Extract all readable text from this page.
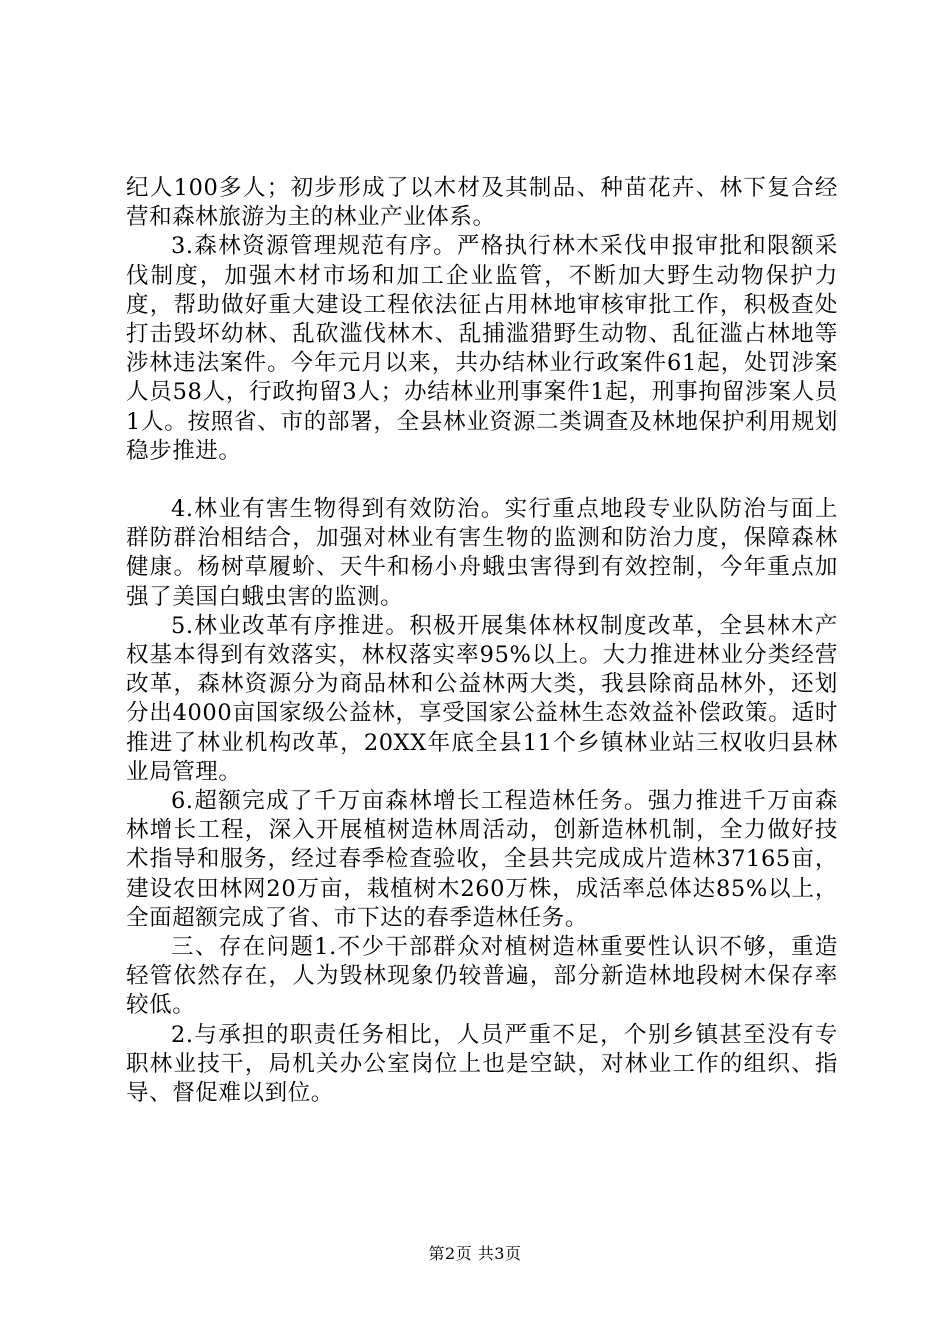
纪人100多人；初步形成了以木材及其制品、种苗花卉、林下复合经营和森林旅游为主的林业产业体系。

3.森林资源管理规范有序。严格执行林木采伐申报审批和限额采伐制度，加强木材市场和加工企业监管，不断加大野生动物保护力度，帮助做好重大建设工程依法征占用林地审核审批工作，积极查处打击毁坏幼林、乱砍滥伐林木、乱捕滥猎野生动物、乱征滥占林地等涉林违法案件。今年元月以来，共办结林业行政案件61起，处罚涉案人员58人，行政拘留3人；办结林业刑事案件1起，刑事拘留涉案人员1人。按照省、市的部署，全县林业资源二类调查及林地保护利用规划稳步推进。

4.林业有害生物得到有效防治。实行重点地段专业队防治与面上群防群治相结合，加强对林业有害生物的监测和防治力度，保障森林健康。杨树草履蚧、天牛和杨小舟蛾虫害得到有效控制，今年重点加强了美国白蛾虫害的监测。

5.林业改革有序推进。积极开展集体林权制度改革，全县林木产权基本得到有效落实，林权落实率95%以上。大力推进林业分类经营改革，森林资源分为商品林和公益林两大类，我县除商品林外，还划分出4000亩国家级公益林，享受国家公益林生态效益补偿政策。适时推进了林业机构改革，20XX年底全县11个乡镇林业站三权收归县林业局管理。

6.超额完成了千万亩森林增长工程造林任务。强力推进千万亩森林增长工程，深入开展植树造林周活动，创新造林机制，全力做好技术指导和服务，经过春季检查验收，全县共完成成片造林37165亩，建设农田林网20万亩，栽植树木260万株，成活率总体达85%以上，全面超额完成了省、市下达的春季造林任务。

三、存在问题1.不少干部群众对植树造林重要性认识不够，重造轻管依然存在，人为毁林现象仍较普遍，部分新造林地段树木保存率较低。

2.与承担的职责任务相比，人员严重不足，个别乡镇甚至没有专职林业技干，局机关办公室岗位上也是空缺，对林业工作的组织、指导、督促难以到位。

第2页 共3页
